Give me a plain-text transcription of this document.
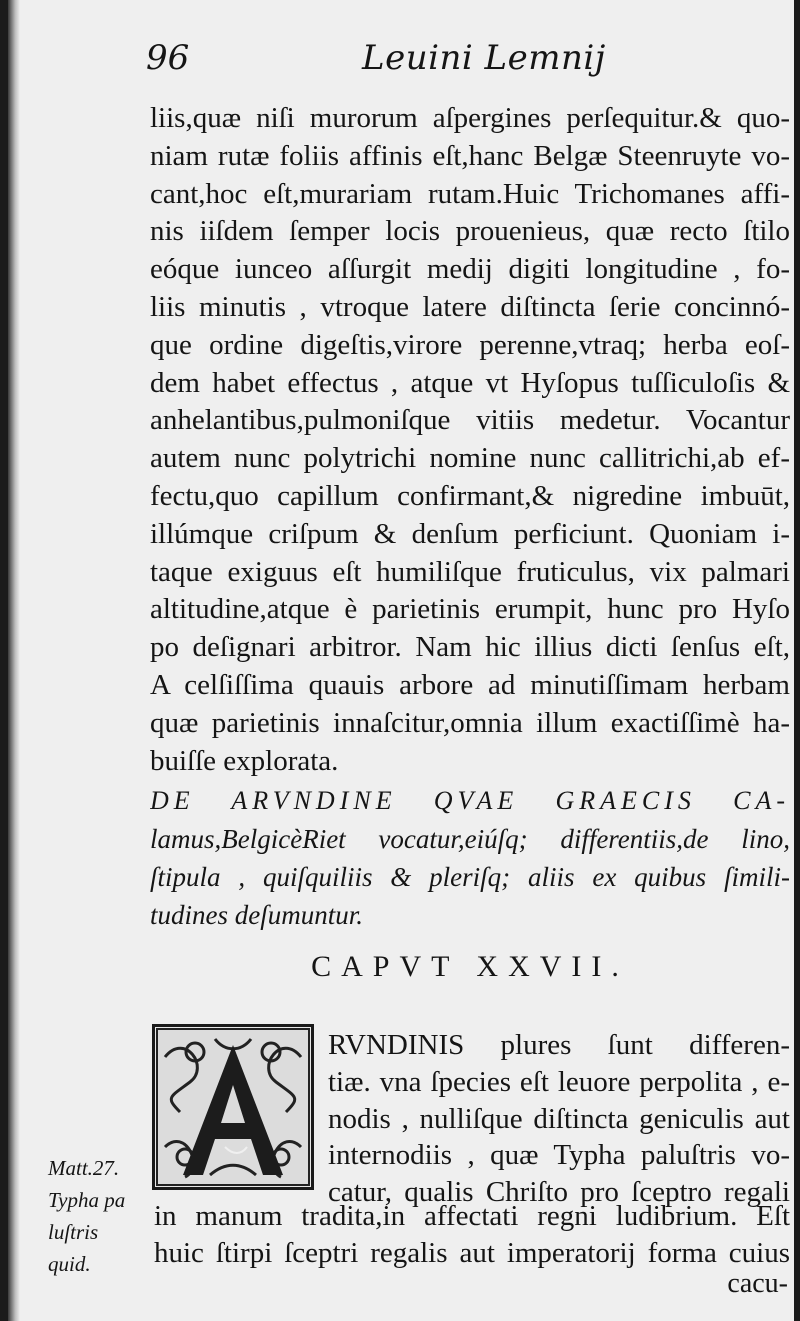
96	Leuini Lemnij
liis,quæ niſi murorum aſpergines perſequitur.& quo-
niam rutæ foliis affinis eſt,hanc Belgæ Steenruyte vo-
cant,hoc eſt,murariam rutam.Huic Trichomanes affi-
nis iiſdem ſemper locis prouenieus, quæ recto ſtilo
eóque iunceo aſſurgit medij digiti longitudine , fo-
liis minutis , vtroque latere diſtincta ſerie concinnó-
que ordine digeſtis,virore perenne,vtraq; herba eoſ-
dem habet effectus , atque vt Hyſopus tuſſiculoſis &
anhelantibus,pulmoniſque vitiis medetur. Vocantur
autem nunc polytrichi nomine nunc callitrichi,ab ef-
fectu,quo capillum confirmant,& nigredine imbuūt,
illúmque criſpum & denſum perficiunt. Quoniam i-
taque exiguus eſt humiliſque fruticulus, vix palmari
altitudine,atque è parietinis erumpit, hunc pro Hyſo
po deſignari arbitror. Nam hic illius dicti ſenſus eſt,
A celſiſſima quauis arbore ad minutiſſimam herbam
quæ parietinis innaſcitur,omnia illum exactiſſimè ha-
buiſſe explorata.
DE ARVNDINE QVAE GRAECIS CA-
lamus,BelgicèRiet vocatur,eiúſq; differentiis,de lino,
ſtipula , quiſquiliis & pleriſq; aliis ex quibus ſimili-
tudines deſumuntur.
CAPVT XXVII.
RVNDINIS plures ſunt differen-
tiæ. vna ſpecies eſt leuore perpolita , e-
nodis , nulliſque diſtincta geniculis aut
internodiis , quæ Typha paluſtris vo-
catur, qualis Chriſto pro ſceptro regali
in manum tradita,in affectati regni ludibrium. Eſt
huic ſtirpi ſceptri regalis aut imperatorij forma cuius
cacu-
Matt.27.
Typha pa
luſtris
quid.
